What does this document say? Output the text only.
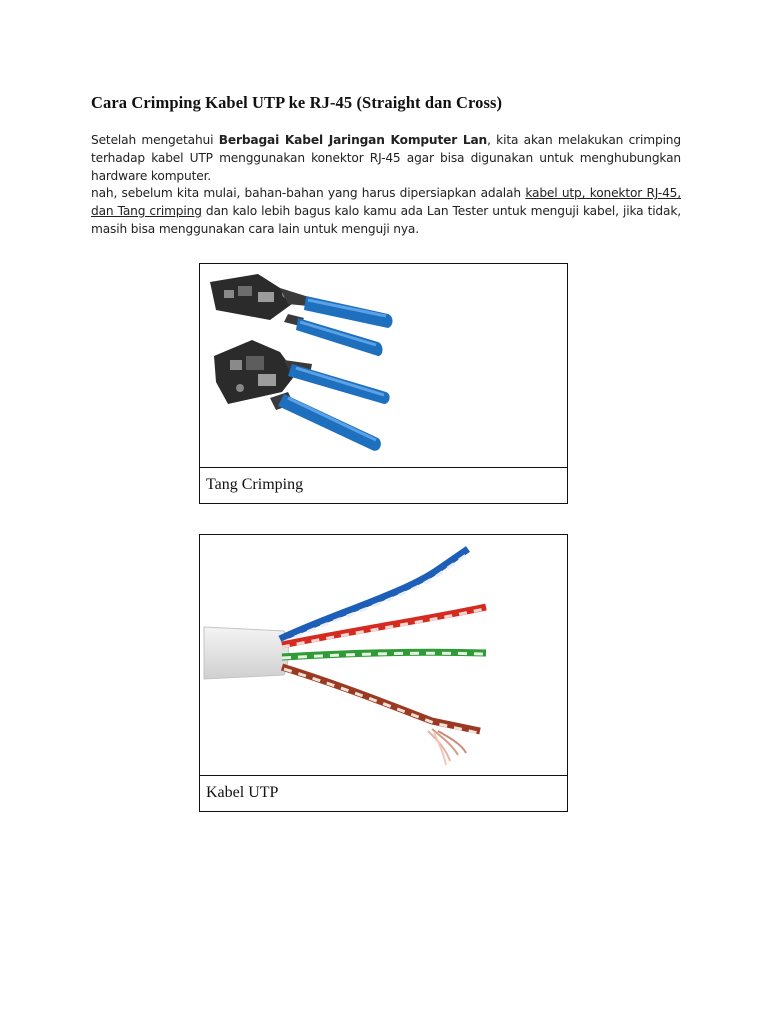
Cara Crimping Kabel UTP ke RJ-45 (Straight dan Cross)

Setelah mengetahui Berbagai Kabel Jaringan Komputer Lan, kita akan melakukan crimping terhadap kabel UTP menggunakan konektor RJ-45 agar bisa digunakan untuk menghubungkan hardware komputer.

nah, sebelum kita mulai, bahan-bahan yang harus dipersiapkan adalah kabel utp, konektor RJ-45, dan Tang crimping dan kalo lebih bagus kalo kamu ada Lan Tester untuk menguji kabel, jika tidak, masih bisa menggunakan cara lain untuk menguji nya.

Tang Crimping
Kabel UTP
